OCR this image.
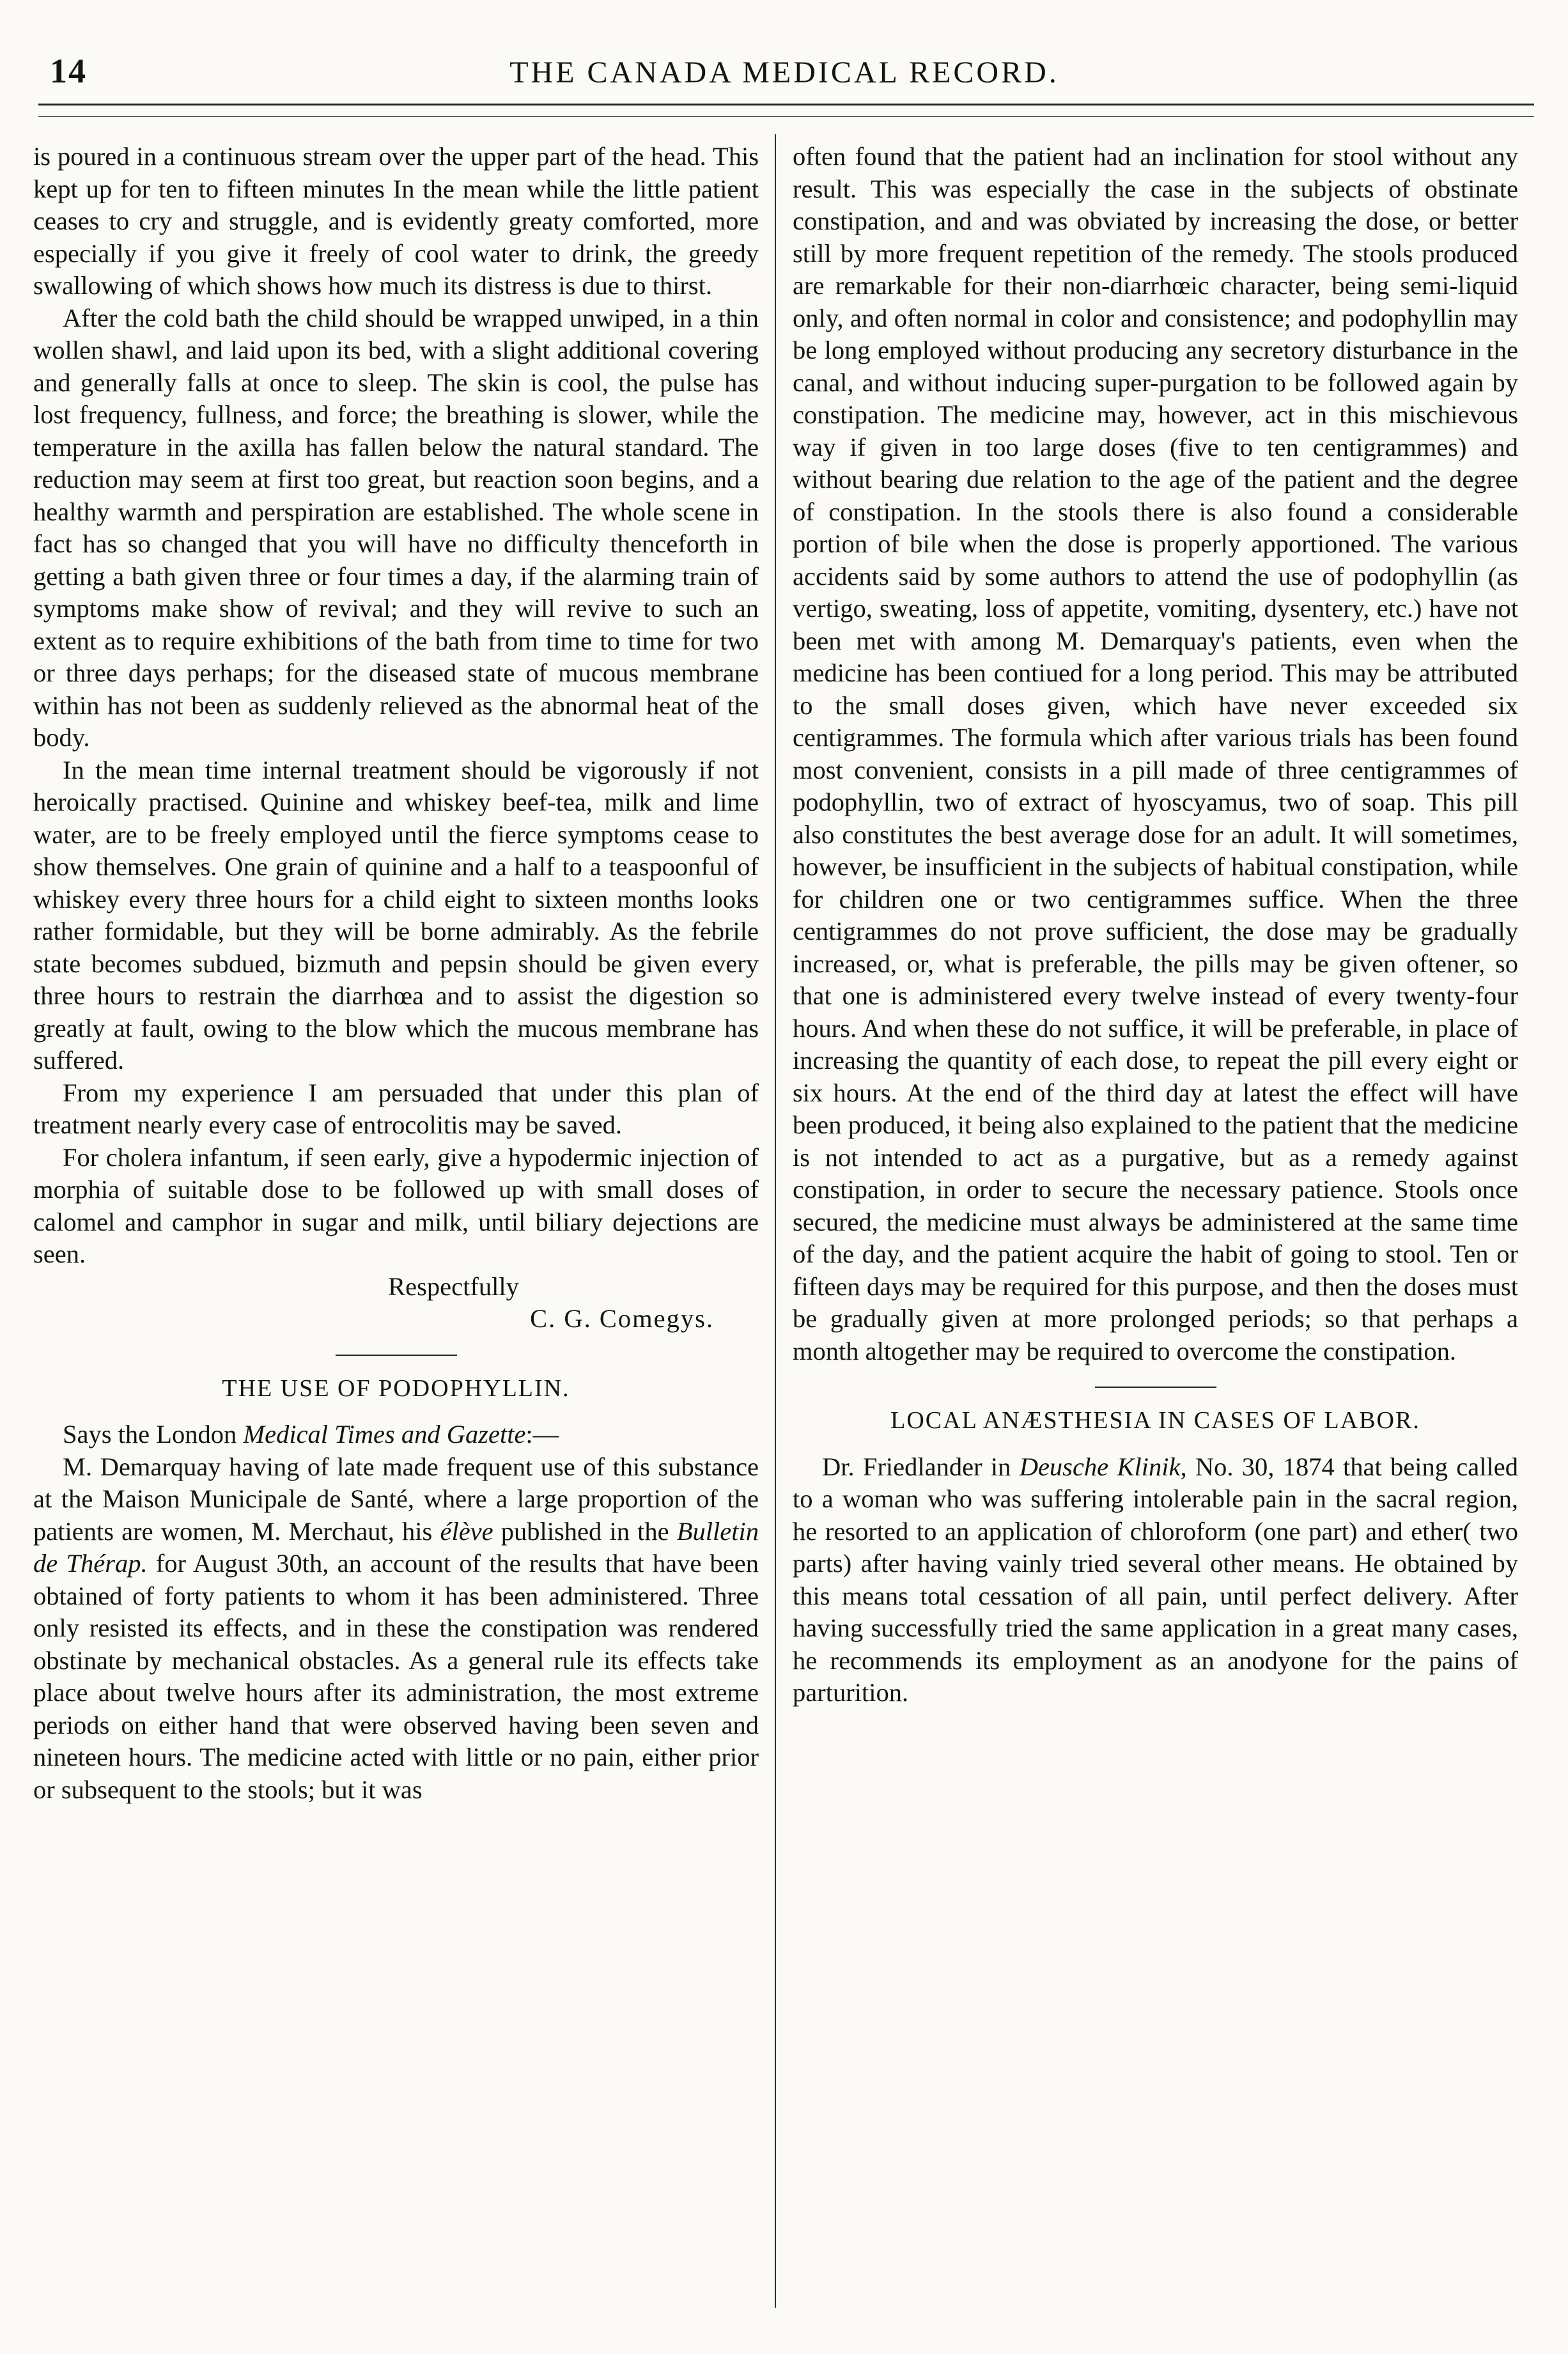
14	THE CANADA MEDICAL RECORD.

is poured in a continuous stream over the upper part of the head. This kept up for ten to fifteen minutes In the mean while the little patient ceases to cry and struggle, and is evidently greaty comforted, more especially if you give it freely of cool water to drink, the greedy swallowing of which shows how much its distress is due to thirst.

After the cold bath the child should be wrapped unwiped, in a thin wollen shawl, and laid upon its bed, with a slight additional covering and generally falls at once to sleep. The skin is cool, the pulse has lost frequency, fullness, and force; the breathing is slower, while the temperature in the axilla has fallen below the natural standard. The reduction may seem at first too great, but reaction soon begins, and a healthy warmth and perspiration are established. The whole scene in fact has so changed that you will have no difficulty thenceforth in getting a bath given three or four times a day, if the alarming train of symptoms make show of revival; and they will revive to such an extent as to require exhibitions of the bath from time to time for two or three days perhaps; for the diseased state of mucous membrane within has not been as suddenly relieved as the abnormal heat of the body.

In the mean time internal treatment should be vigorously if not heroically practised. Quinine and whiskey beef-tea, milk and lime water, are to be freely employed until the fierce symptoms cease to show themselves. One grain of quinine and a half to a teaspoonful of whiskey every three hours for a child eight to sixteen months looks rather formidable, but they will be borne admirably. As the febrile state becomes subdued, bizmuth and pepsin should be given every three hours to restrain the diarrhœa and to assist the digestion so greatly at fault, owing to the blow which the mucous membrane has suffered.

From my experience I am persuaded that under this plan of treatment nearly every case of entrocolitis may be saved.

For cholera infantum, if seen early, give a hypodermic injection of morphia of suitable dose to be followed up with small doses of calomel and camphor in sugar and milk, until biliary dejections are seen.

Respectfully

C. G. Comegys.

THE USE OF PODOPHYLLIN.

Says the London Medical Times and Gazette:—

M. Demarquay having of late made frequent use of this substance at the Maison Municipale de Santé, where a large proportion of the patients are women, M. Merchaut, his élève published in the Bulletin de Thérap. for August 30th, an account of the results that have been obtained of forty patients to whom it has been administered. Three only resisted its effects, and in these the constipation was rendered obstinate by mechanical obstacles. As a general rule its effects take place about twelve hours after its administration, the most extreme periods on either hand that were observed having been seven and nineteen hours. The medicine acted with little or no pain, either prior or subsequent to the stools; but it was

often found that the patient had an inclination for stool without any result. This was especially the case in the subjects of obstinate constipation, and and was obviated by increasing the dose, or better still by more frequent repetition of the remedy. The stools produced are remarkable for their non-diarrhœic character, being semi-liquid only, and often normal in color and consistence; and podophyllin may be long employed without producing any secretory disturbance in the canal, and without inducing super-purgation to be followed again by constipation. The medicine may, however, act in this mischievous way if given in too large doses (five to ten centigrammes) and without bearing due relation to the age of the patient and the degree of constipation. In the stools there is also found a considerable portion of bile when the dose is properly apportioned. The various accidents said by some authors to attend the use of podophyllin (as vertigo, sweating, loss of appetite, vomiting, dysentery, etc.) have not been met with among M. Demarquay's patients, even when the medicine has been contiued for a long period. This may be attributed to the small doses given, which have never exceeded six centigrammes. The formula which after various trials has been found most convenient, consists in a pill made of three centigrammes of podophyllin, two of extract of hyoscyamus, two of soap. This pill also constitutes the best average dose for an adult. It will sometimes, however, be insufficient in the subjects of habitual constipation, while for children one or two centigrammes suffice. When the three centigrammes do not prove sufficient, the dose may be gradually increased, or, what is preferable, the pills may be given oftener, so that one is administered every twelve instead of every twenty-four hours. And when these do not suffice, it will be preferable, in place of increasing the quantity of each dose, to repeat the pill every eight or six hours. At the end of the third day at latest the effect will have been produced, it being also explained to the patient that the medicine is not intended to act as a purgative, but as a remedy against constipation, in order to secure the necessary patience. Stools once secured, the medicine must always be administered at the same time of the day, and the patient acquire the habit of going to stool. Ten or fifteen days may be required for this purpose, and then the doses must be gradually given at more prolonged periods; so that perhaps a month altogether may be required to overcome the constipation.

LOCAL ANÆSTHESIA IN CASES OF LABOR.

Dr. Friedlander in Deusche Klinik, No. 30, 1874 that being called to a woman who was suffering intolerable pain in the sacral region, he resorted to an application of chloroform (one part) and ether( two parts) after having vainly tried several other means. He obtained by this means total cessation of all pain, until perfect delivery. After having successfully tried the same application in a great many cases, he recommends its employment as an anodyone for the pains of parturition.
